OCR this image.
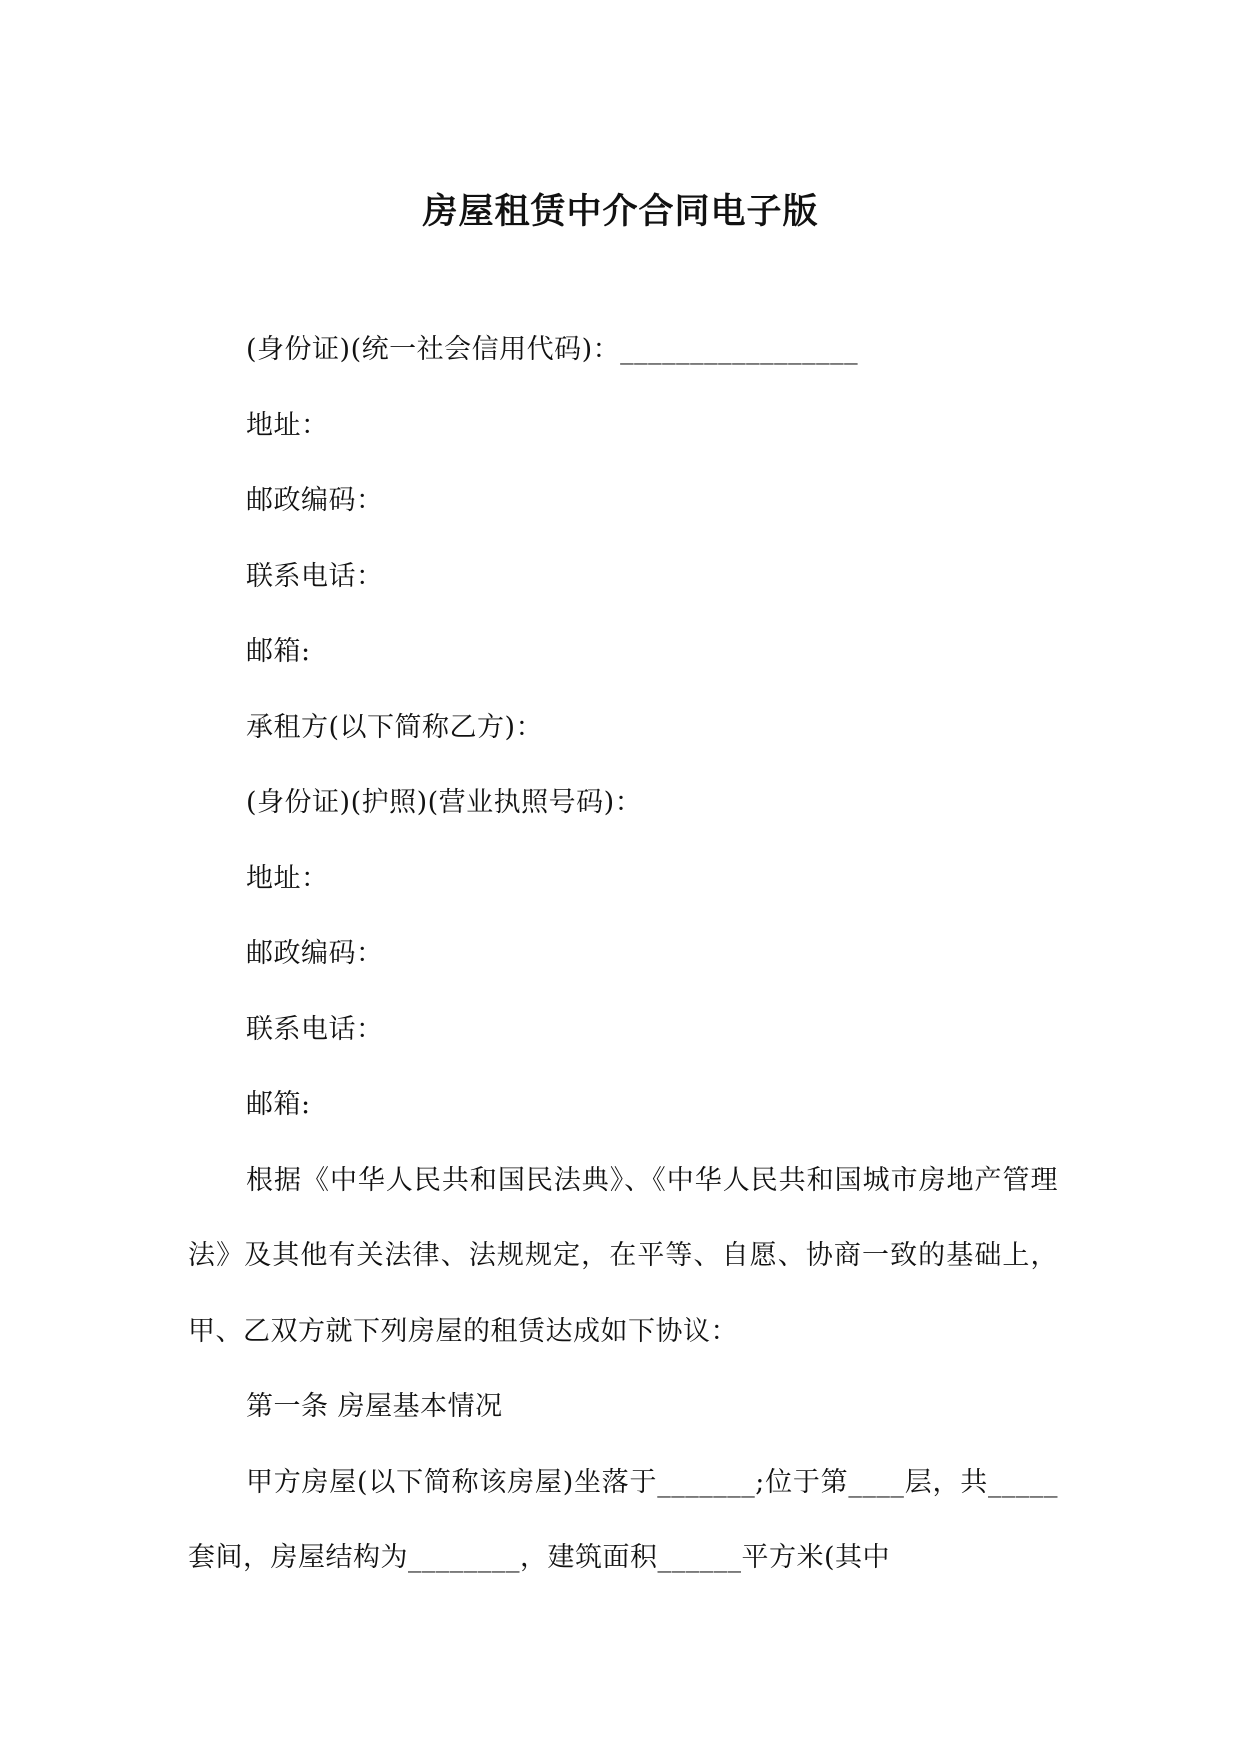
房屋租赁中介合同电子版

(身份证)(统一社会信用代码)：_________________

地址：

邮政编码：

联系电话：

邮箱:

承租方(以下简称乙方)：

(身份证)(护照)(营业执照号码)：

地址：

邮政编码：

联系电话：

邮箱:

根据《中华人民共和国民法典》、《中华人民共和国城市房地产管理法》及其他有关法律、法规规定，在平等、自愿、协商一致的基础上，甲、乙双方就下列房屋的租赁达成如下协议：

第一条 房屋基本情况

甲方房屋(以下简称该房屋)坐落于_______;位于第____层，共_____ 套间，房屋结构为________，建筑面积______平方米(其中
